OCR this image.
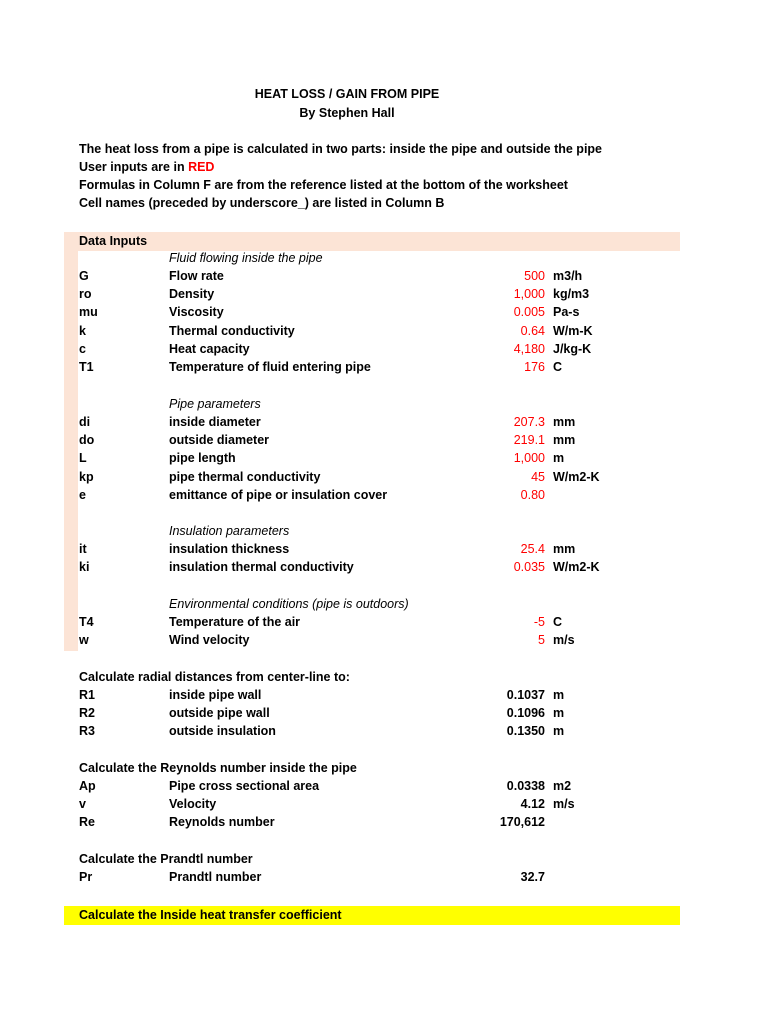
HEAT LOSS / GAIN FROM PIPE
By Stephen Hall
The heat loss from a pipe is calculated in two parts: inside the pipe and outside the pipe
User inputs are in RED
Formulas in Column F are from the reference listed at the bottom of the worksheet
Cell names (preceded by underscore_) are listed in Column B
Data Inputs
Fluid flowing inside the pipe
G	Flow rate	500 m3/h
ro	Density	1,000 kg/m3
mu	Viscosity	0.005 Pa-s
k	Thermal conductivity	0.64 W/m-K
c	Heat capacity	4,180 J/kg-K
T1	Temperature of fluid entering pipe	176 C
Pipe parameters
di	inside diameter	207.3 mm
do	outside diameter	219.1 mm
L	pipe length	1,000 m
kp	pipe thermal conductivity	45 W/m2-K
e	emittance of pipe or insulation cover	0.80
Insulation parameters
it	insulation thickness	25.4 mm
ki	insulation thermal conductivity	0.035 W/m2-K
Environmental conditions (pipe is outdoors)
T4	Temperature of the air	-5 C
w	Wind velocity	5 m/s
Calculate radial distances from center-line to:
R1	inside pipe wall	0.1037 m
R2	outside pipe wall	0.1096 m
R3	outside insulation	0.1350 m
Calculate the Reynolds number inside the pipe
Ap	Pipe cross sectional area	0.0338 m2
v	Velocity	4.12 m/s
Re	Reynolds number	170,612
Calculate the Prandtl number
Pr	Prandtl number	32.7
Calculate the Inside heat transfer coefficient
